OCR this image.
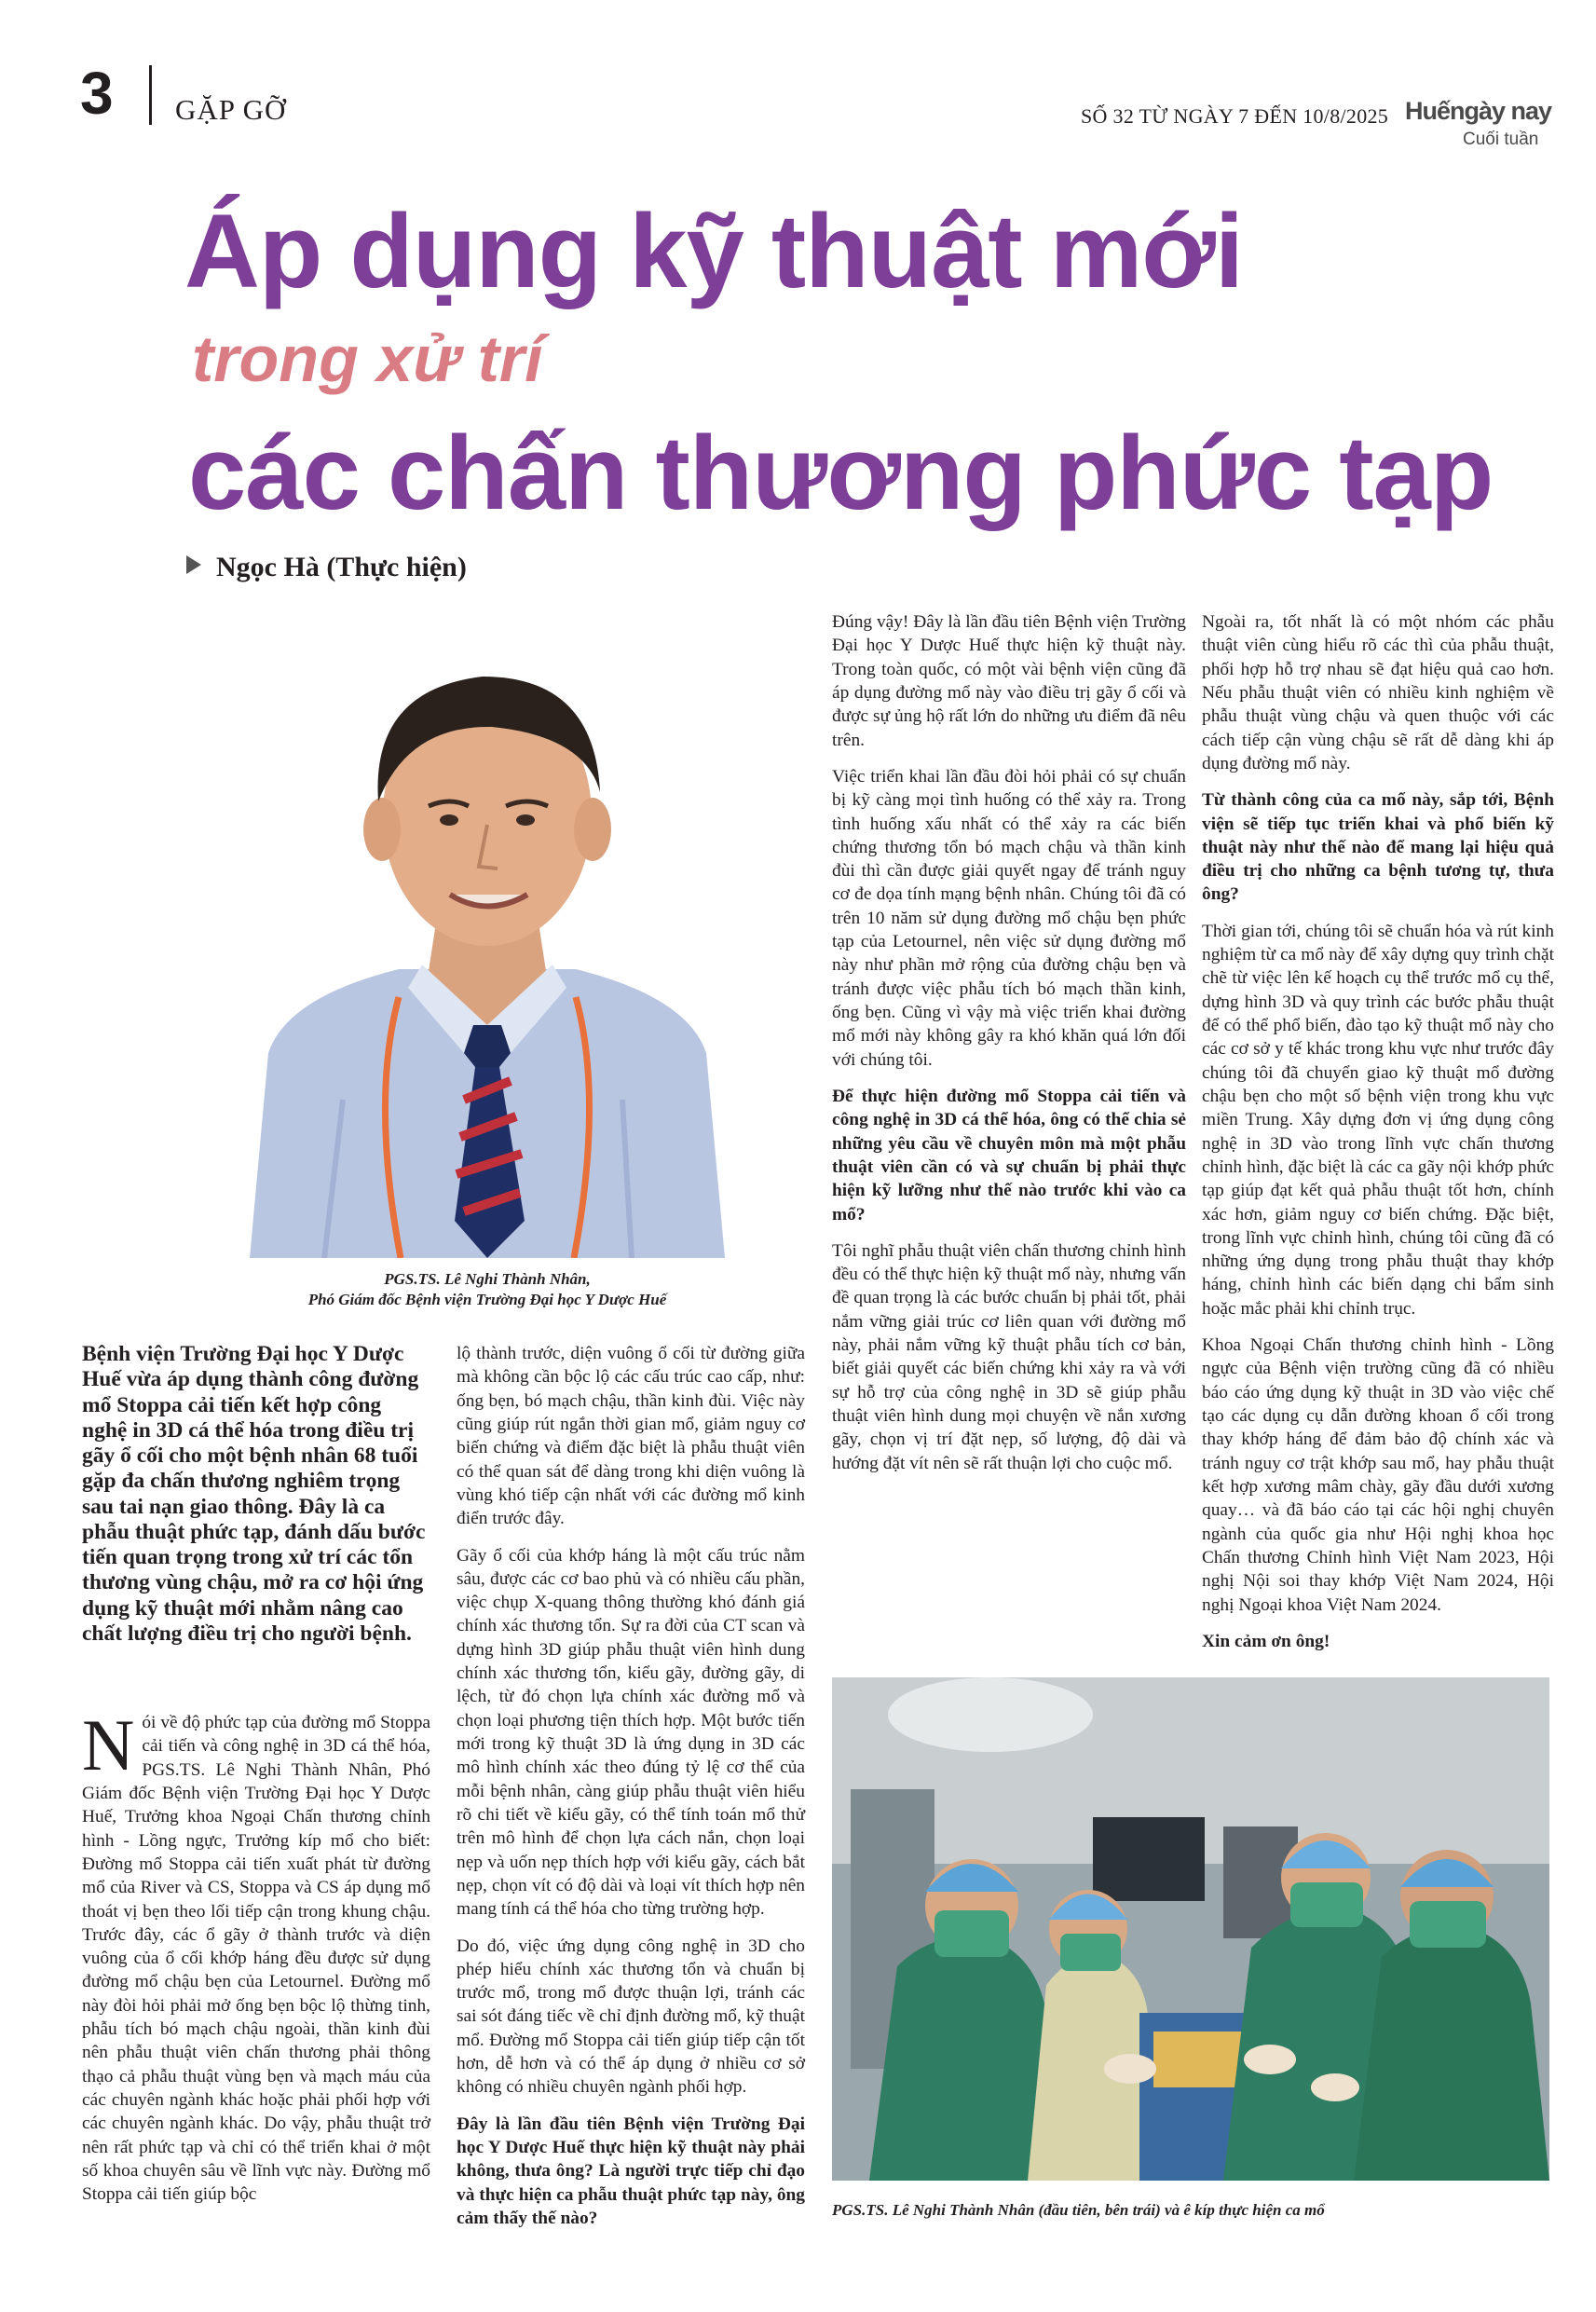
3 GẶP GỠ	SỐ 32 TỪ NGÀY 7 ĐẾN 10/8/2025 Huếngày nay
Cuối tuần
Áp dụng kỹ thuật mới
trong xử trí
các chấn thương phức tạp
Ngọc Hà (Thực hiện)
PGS.TS. Lê Nghi Thành Nhân,
Phó Giám đốc Bệnh viện Trường Đại học Y Dược Huế
Bệnh viện Trường Đại học Y Dược Huế vừa áp dụng thành công đường mổ Stoppa cải tiến kết hợp công nghệ in 3D cá thể hóa trong điều trị gãy ổ cối cho một bệnh nhân 68 tuổi gặp đa chấn thương nghiêm trọng sau tai nạn giao thông. Đây là ca phẫu thuật phức tạp, đánh dấu bước tiến quan trọng trong xử trí các tổn thương vùng chậu, mở ra cơ hội ứng dụng kỹ thuật mới nhằm nâng cao chất lượng điều trị cho người bệnh.

Nói về độ phức tạp của đường mổ Stoppa cải tiến và công nghệ in 3D cá thể hóa, PGS.TS. Lê Nghi Thành Nhân, Phó Giám đốc Bệnh viện Trường Đại học Y Dược Huế, Trưởng khoa Ngoại Chấn thương chỉnh hình - Lồng ngực, Trưởng kíp mổ cho biết: Đường mổ Stoppa cải tiến xuất phát từ đường mổ của River và CS, Stoppa và CS áp dụng mổ thoát vị bẹn theo lối tiếp cận trong khung chậu. Trước đây, các ổ gãy ở thành trước và diện vuông của ổ cối khớp háng đều được sử dụng đường mổ chậu bẹn của Letournel. Đường mổ này đòi hỏi phải mở ống bẹn bộc lộ thừng tinh, phẫu tích bó mạch chậu ngoài, thần kinh đùi nên phẫu thuật viên chấn thương phải thông thạo cả phẫu thuật vùng bẹn và mạch máu của các chuyên ngành khác hoặc phải phối hợp với các chuyên ngành khác. Do vậy, phẫu thuật trở nên rất phức tạp và chỉ có thể triển khai ở một số khoa chuyên sâu về lĩnh vực này. Đường mổ Stoppa cải tiến giúp bộc

lộ thành trước, diện vuông ổ cối từ đường giữa mà không cần bộc lộ các cấu trúc cao cấp, như: ống bẹn, bó mạch chậu, thần kinh đùi. Việc này cũng giúp rút ngắn thời gian mổ, giảm nguy cơ biến chứng và điểm đặc biệt là phẫu thuật viên có thể quan sát để dàng trong khi diện vuông là vùng khó tiếp cận nhất với các đường mổ kinh điển trước đây.

Gãy ổ cối của khớp háng là một cấu trúc nằm sâu, được các cơ bao phủ và có nhiều cấu phần, việc chụp X-quang thông thường khó đánh giá chính xác thương tổn. Sự ra đời của CT scan và dựng hình 3D giúp phẫu thuật viên hình dung chính xác thương tổn, kiểu gãy, đường gãy, di lệch, từ đó chọn lựa chính xác đường mổ và chọn loại phương tiện thích hợp. Một bước tiến mới trong kỹ thuật 3D là ứng dụng in 3D các mô hình chính xác theo đúng tỷ lệ cơ thể của mỗi bệnh nhân, càng giúp phẫu thuật viên hiểu rõ chi tiết về kiểu gãy, có thể tính toán mổ thử trên mô hình để chọn lựa cách nắn, chọn loại nẹp và uốn nẹp thích hợp với kiểu gãy, cách bắt nẹp, chọn vít có độ dài và loại vít thích hợp nên mang tính cá thể hóa cho từng trường hợp.

Do đó, việc ứng dụng công nghệ in 3D cho phép hiểu chính xác thương tổn và chuẩn bị trước mổ, trong mổ được thuận lợi, tránh các sai sót đáng tiếc về chỉ định đường mổ, kỹ thuật mổ. Đường mổ Stoppa cải tiến giúp tiếp cận tốt hơn, dễ hơn và có thể áp dụng ở nhiều cơ sở không có nhiều chuyên ngành phối hợp.

Đây là lần đầu tiên Bệnh viện Trường Đại học Y Dược Huế thực hiện kỹ thuật này phải không, thưa ông? Là người trực tiếp chỉ đạo và thực hiện ca phẫu thuật phức tạp này, ông cảm thấy thế nào?

Đúng vậy! Đây là lần đầu tiên Bệnh viện Trường Đại học Y Dược Huế thực hiện kỹ thuật này. Trong toàn quốc, có một vài bệnh viện cũng đã áp dụng đường mổ này vào điều trị gãy ổ cối và được sự ủng hộ rất lớn do những ưu điểm đã nêu trên.

Việc triển khai lần đầu đòi hỏi phải có sự chuẩn bị kỹ càng mọi tình huống có thể xảy ra. Trong tình huống xấu nhất có thể xảy ra các biến chứng thương tổn bó mạch chậu và thần kinh đùi thì cần được giải quyết ngay để tránh nguy cơ đe dọa tính mạng bệnh nhân. Chúng tôi đã có trên 10 năm sử dụng đường mổ chậu bẹn phức tạp của Letournel, nên việc sử dụng đường mổ này như phần mở rộng của đường chậu bẹn và tránh được việc phẫu tích bó mạch thần kinh, ống bẹn. Cũng vì vậy mà việc triển khai đường mổ mới này không gây ra khó khăn quá lớn đối với chúng tôi.

Để thực hiện đường mổ Stoppa cải tiến và công nghệ in 3D cá thể hóa, ông có thể chia sẻ những yêu cầu về chuyên môn mà một phẫu thuật viên cần có và sự chuẩn bị phải thực hiện kỹ lưỡng như thế nào trước khi vào ca mổ?

Tôi nghĩ phẫu thuật viên chấn thương chỉnh hình đều có thể thực hiện kỹ thuật mổ này, nhưng vấn đề quan trọng là các bước chuẩn bị phải tốt, phải nắm vững giải trúc cơ liên quan với đường mổ này, phải nắm vững kỹ thuật phẫu tích cơ bản, biết giải quyết các biến chứng khi xảy ra và với sự hỗ trợ của công nghệ in 3D sẽ giúp phẫu thuật viên hình dung mọi chuyện về nắn xương gãy, chọn vị trí đặt nẹp, số lượng, độ dài và hướng đặt vít nên sẽ rất thuận lợi cho cuộc mổ.

Ngoài ra, tốt nhất là có một nhóm các phẫu thuật viên cùng hiểu rõ các thì của phẫu thuật, phối hợp hỗ trợ nhau sẽ đạt hiệu quả cao hơn. Nếu phẫu thuật viên có nhiều kinh nghiệm về phẫu thuật vùng chậu và quen thuộc với các cách tiếp cận vùng chậu sẽ rất dễ dàng khi áp dụng đường mổ này.

Từ thành công của ca mổ này, sắp tới, Bệnh viện sẽ tiếp tục triển khai và phổ biến kỹ thuật này như thế nào để mang lại hiệu quả điều trị cho những ca bệnh tương tự, thưa ông?

Thời gian tới, chúng tôi sẽ chuẩn hóa và rút kinh nghiệm từ ca mổ này để xây dựng quy trình chặt chẽ từ việc lên kế hoạch cụ thể trước mổ cụ thể, dựng hình 3D và quy trình các bước phẫu thuật để có thể phổ biến, đào tạo kỹ thuật mổ này cho các cơ sở y tế khác trong khu vực như trước đây chúng tôi đã chuyển giao kỹ thuật mổ đường chậu bẹn cho một số bệnh viện trong khu vực miền Trung. Xây dựng đơn vị ứng dụng công nghệ in 3D vào trong lĩnh vực chấn thương chỉnh hình, đặc biệt là các ca gãy nội khớp phức tạp giúp đạt kết quả phẫu thuật tốt hơn, chính xác hơn, giảm nguy cơ biến chứng. Đặc biệt, trong lĩnh vực chỉnh hình, chúng tôi cũng đã có những ứng dụng trong phẫu thuật thay khớp háng, chỉnh hình các biến dạng chi bẩm sinh hoặc mắc phải khi chỉnh trục.

Khoa Ngoại Chấn thương chỉnh hình - Lồng ngực của Bệnh viện trường cũng đã có nhiều báo cáo ứng dụng kỹ thuật in 3D vào việc chế tạo các dụng cụ dẫn đường khoan ổ cối trong thay khớp háng để đảm bảo độ chính xác và tránh nguy cơ trật khớp sau mổ, hay phẫu thuật kết hợp xương mâm chày, gãy đầu dưới xương quay… và đã báo cáo tại các hội nghị chuyên ngành của quốc gia như Hội nghị khoa học Chấn thương Chỉnh hình Việt Nam 2023, Hội nghị Nội soi thay khớp Việt Nam 2024, Hội nghị Ngoại khoa Việt Nam 2024.

Xin cảm ơn ông!

PGS.TS. Lê Nghi Thành Nhân (đầu tiên, bên trái) và ê kíp thực hiện ca mổ
